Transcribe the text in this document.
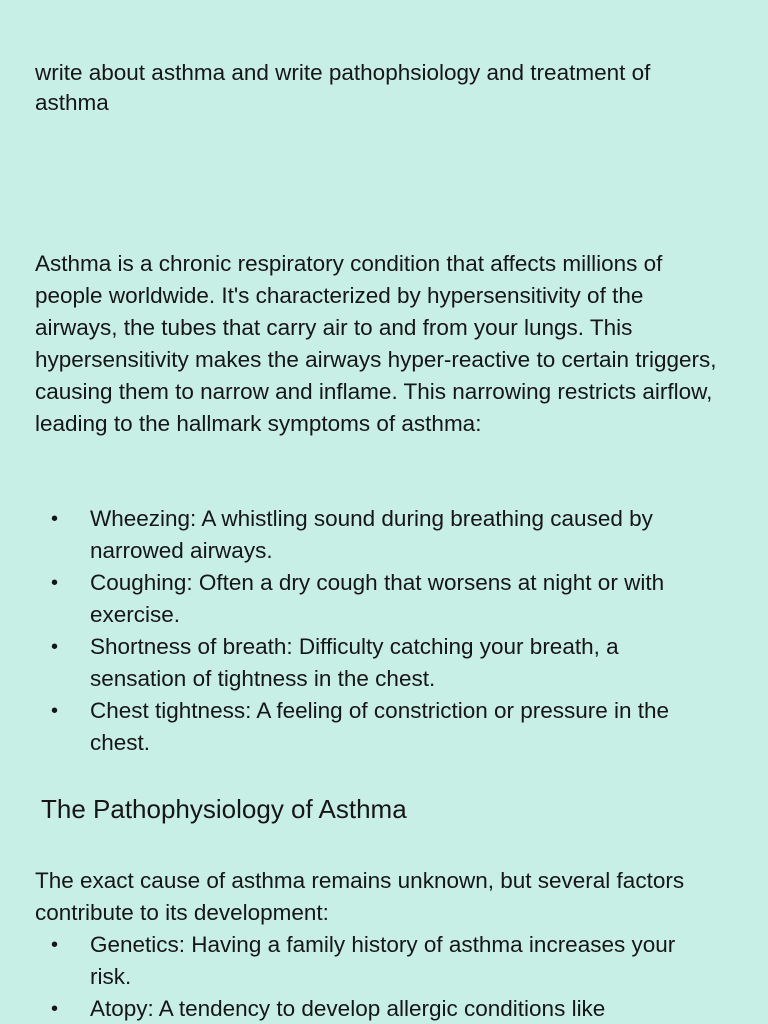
write about asthma and write pathophsiology and treatment of asthma

Asthma is a chronic respiratory condition that affects millions of people worldwide. It's characterized by hypersensitivity of the airways, the tubes that carry air to and from your lungs. This hypersensitivity makes the airways hyper-reactive to certain triggers, causing them to narrow and inflame. This narrowing restricts airflow, leading to the hallmark symptoms of asthma:

• Wheezing: A whistling sound during breathing caused by narrowed airways.
• Coughing: Often a dry cough that worsens at night or with exercise.
• Shortness of breath: Difficulty catching your breath, a sensation of tightness in the chest.
• Chest tightness: A feeling of constriction or pressure in the chest.
The Pathophysiology of Asthma

The exact cause of asthma remains unknown, but several factors contribute to its development:

• Genetics: Having a family history of asthma increases your risk.
• Atopy: A tendency to develop allergic conditions like
